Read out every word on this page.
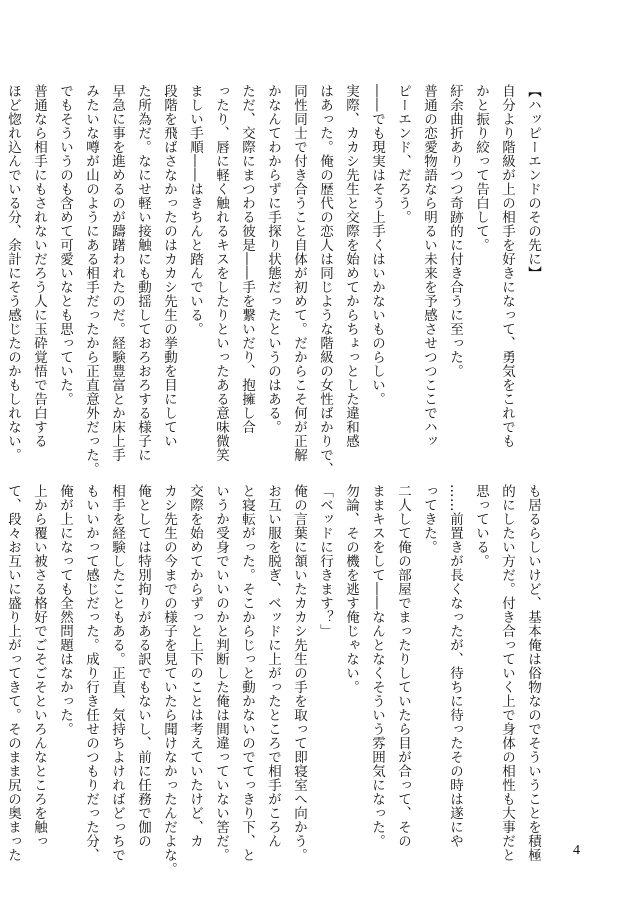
【ハッピーエンドのその先に】
自分より階級が上の相手を好きになって、勇気をこれでも
かと振り絞って告白して。
紆余曲折ありつつ奇跡的に付き合うに至った。
普通の恋愛物語なら明るい未来を予感させつつここでハッ
ピーエンド、だろう。
――でも現実はそう上手くはいかないものらしい。
実際、カカシ先生と交際を始めてからちょっとした違和感
はあった。俺の歴代の恋人は同じような階級の女性ばかりで、
同性同士で付き合うこと自体が初めて。だからこそ何が正解
かなんてわからずに手探り状態だったというのはある。
ただ、交際にまつわる彼是――手を繋いだり、抱擁し合
ったり、唇に軽く触れるキスをしたりといったある意味微笑
ましい手順――はきちんと踏んでいる。
段階を飛ばさなかったのはカカシ先生の挙動を目にしてい
た所為だ。なにせ軽い接触にも動揺しておろおろする様子に
早急に事を進めるのが躊躇われたのだ。経験豊富とか床上手
みたいな噂が山のようにある相手だったから正直意外だった。
でもそういうのも含めて可愛いなとも思っていた。
普通なら相手にもされないだろう人に玉砕覚悟で告白する
ほど惚れ込んでいる分、余計にそう感じたのかもしれない。
も居るらしいけど、基本俺は俗物なのでそういうことを積極
的にしたい方だ。付き合っていく上で身体の相性も大事だと
思っている。
……前置きが長くなったが、待ちに待ったその時は遂にや
ってきた。
二人して俺の部屋でまったりしていたら目が合って、その
ままキスをして――なんとなくそういう雰囲気になった。
勿論、その機を逃す俺じゃない。
「ベッドに行きます？」
俺の言葉に頷いたカカシ先生の手を取って即寝室へ向かう。
お互い服を脱ぎ、ベッドに上がったところで相手がころん
と寝転がった。そこからじっと動かないのでてっきり下、と
いうか受身でいいのかと判断した俺は間違っていない筈だ。
交際を始めてからずっと上下のことは考えていたけど、カ
カシ先生の今までの様子を見ていたら聞けなかったんだよな。
俺としては特別拘りがある訳でもないし、前に任務で伽の
相手を経験したこともある。正直、気持ちよければどっちで
もいいかって感じだった。成り行き任せのつもりだった分、
俺が上になっても全然問題はなかった。
上から覆い被さる格好でごそごそといろんなところを触っ
て、段々お互いに盛り上がってきて。そのまま尻の奥まった	4
